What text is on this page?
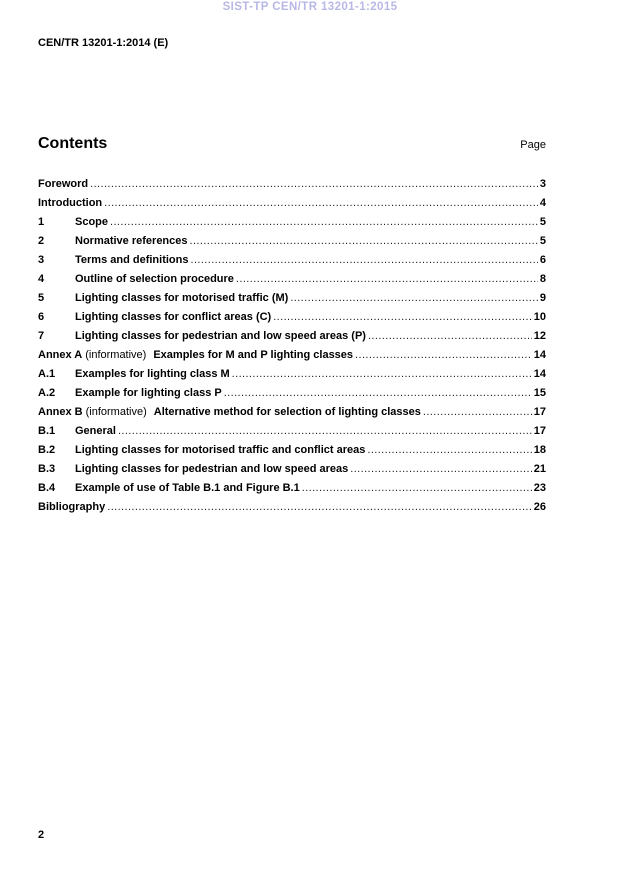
SIST-TP CEN/TR 13201-1:2015
CEN/TR 13201-1:2014 (E)
Contents	Page
Foreword .....	3
Introduction .....	4
1	Scope .....	5
2	Normative references .....	5
3	Terms and definitions .....	6
4	Outline of selection procedure .....	8
5	Lighting classes for motorised traffic (M) .....	9
6	Lighting classes for conflict areas (C) .....	10
7	Lighting classes for pedestrian and low speed areas (P) .....	12
Annex A (informative) Examples for M and P lighting classes .....	14
A.1	Examples for lighting class M .....	14
A.2	Example for lighting class P .....	15
Annex B (informative) Alternative method for selection of lighting classes .....	17
B.1	General .....	17
B.2	Lighting classes for motorised traffic and conflict areas .....	18
B.3	Lighting classes for pedestrian and low speed areas .....	21
B.4	Example of use of Table B.1 and Figure B.1 .....	23
Bibliography .....	26
2
